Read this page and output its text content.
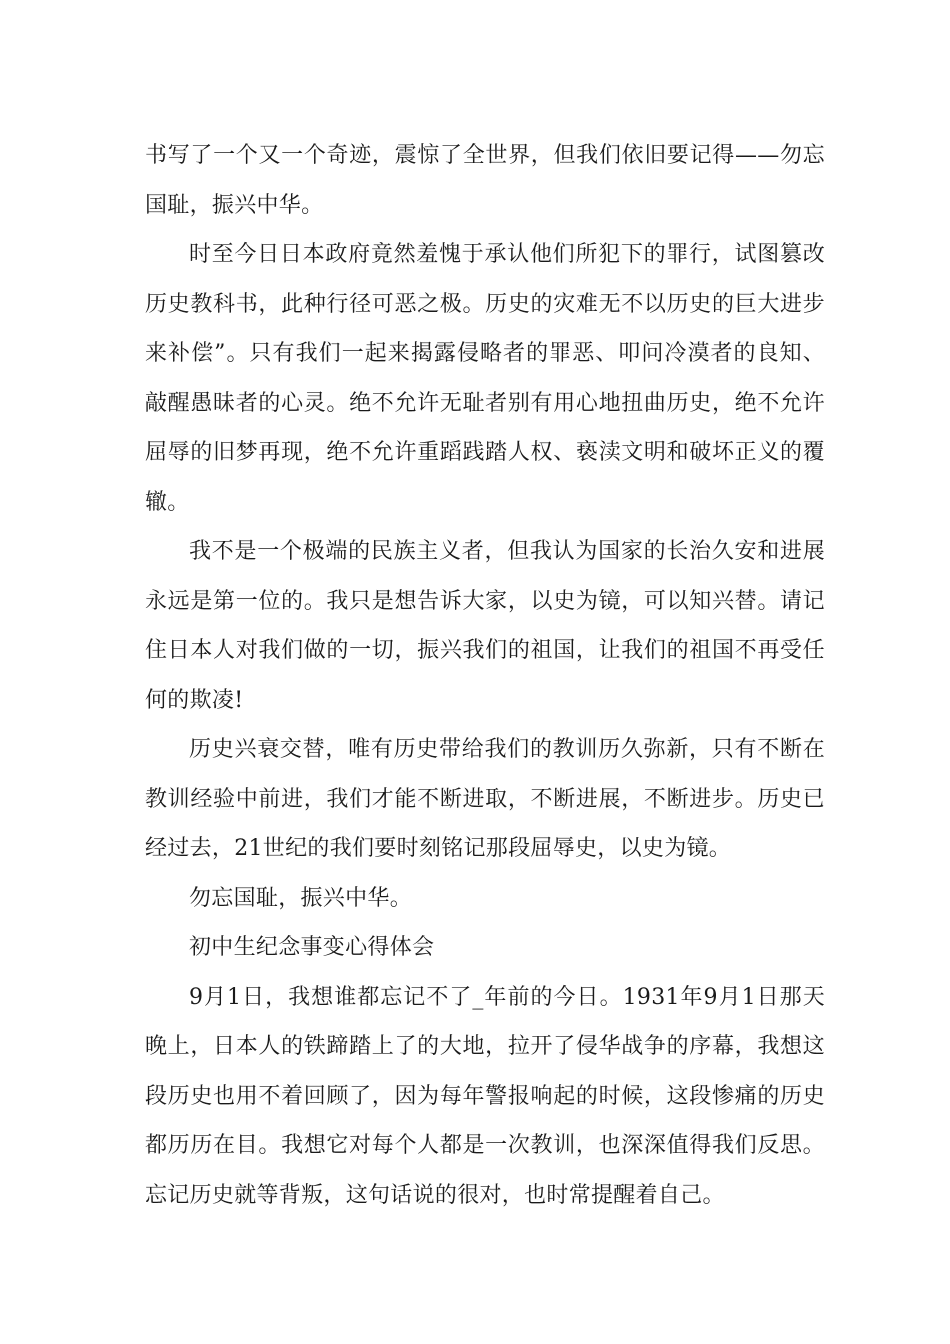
书写了一个又一个奇迹，震惊了全世界，但我们依旧要记得——勿忘国耻，振兴中华。

时至今日日本政府竟然羞愧于承认他们所犯下的罪行，试图篡改历史教科书，此种行径可恶之极。历史的灾难无不以历史的巨大进步来补偿”。只有我们一起来揭露侵略者的罪恶、叩问冷漠者的良知、敲醒愚昧者的心灵。绝不允许无耻者别有用心地扭曲历史，绝不允许屈辱的旧梦再现，绝不允许重蹈践踏人权、亵渎文明和破坏正义的覆辙。

我不是一个极端的民族主义者，但我认为国家的长治久安和进展永远是第一位的。我只是想告诉大家，以史为镜，可以知兴替。请记住日本人对我们做的一切，振兴我们的祖国，让我们的祖国不再受任何的欺凌!

历史兴衰交替，唯有历史带给我们的教训历久弥新，只有不断在教训经验中前进，我们才能不断进取，不断进展，不断进步。历史已经过去，21世纪的我们要时刻铭记那段屈辱史，以史为镜。

勿忘国耻，振兴中华。

初中生纪念事变心得体会

9月1日，我想谁都忘记不了_年前的今日。1931年9月1日那天晚上，日本人的铁蹄踏上了的大地，拉开了侵华战争的序幕，我想这段历史也用不着回顾了，因为每年警报响起的时候，这段惨痛的历史都历历在目。我想它对每个人都是一次教训，也深深值得我们反思。忘记历史就等背叛，这句话说的很对，也时常提醒着自己。
